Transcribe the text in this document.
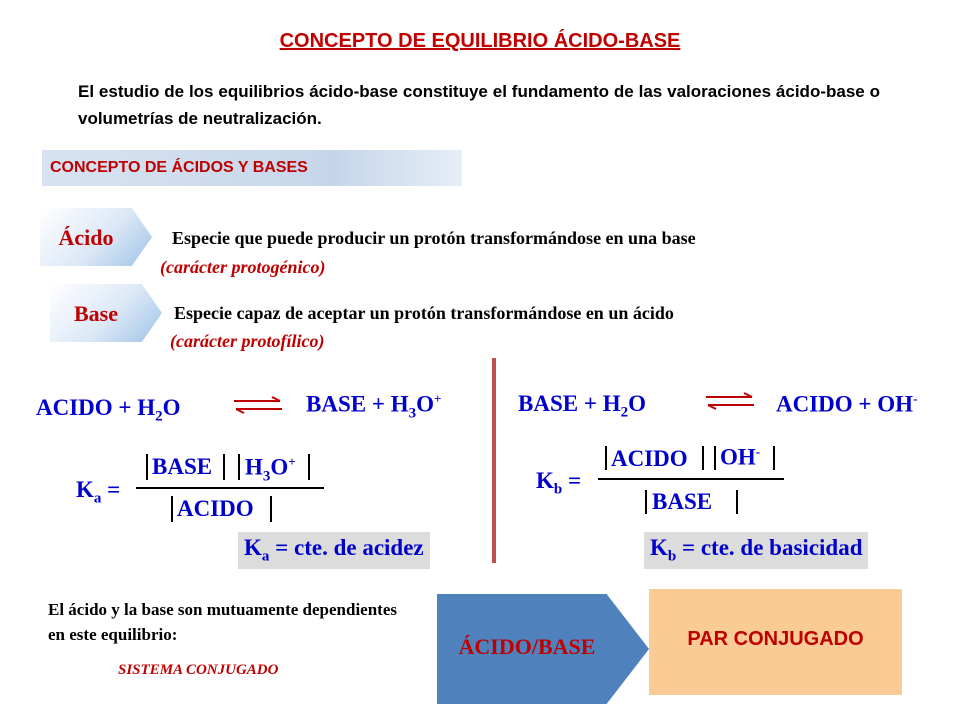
CONCEPTO DE EQUILIBRIO ÁCIDO-BASE
El estudio de los equilibrios ácido-base constituye el fundamento de las valoraciones ácido-base o volumetrías de neutralización.
CONCEPTO DE ÁCIDOS Y BASES
Ácido	Especie que puede producir un protón transformándose en una base
(carácter protogénico)
Base	Especie capaz de aceptar un protón transformándose en un ácido
(carácter protofílico)
ACIDO + $H_2O$	⇌ BASE + $H_3O^+$	BASE + $H_2O$	⇌ ACIDO + OH-
$K_a$ =
BASE $H_3O^+$
ACIDO
$K_a$ = cte. de acidez
$K_b$ =
ACIDO OH-
BASE
$K_b$ = cte. de basicidad
El ácido y la base son mutuamente dependientes en este equilibrio:
SISTEMA CONJUGADO
ÁCIDO/BASE	PAR CONJUGADO
